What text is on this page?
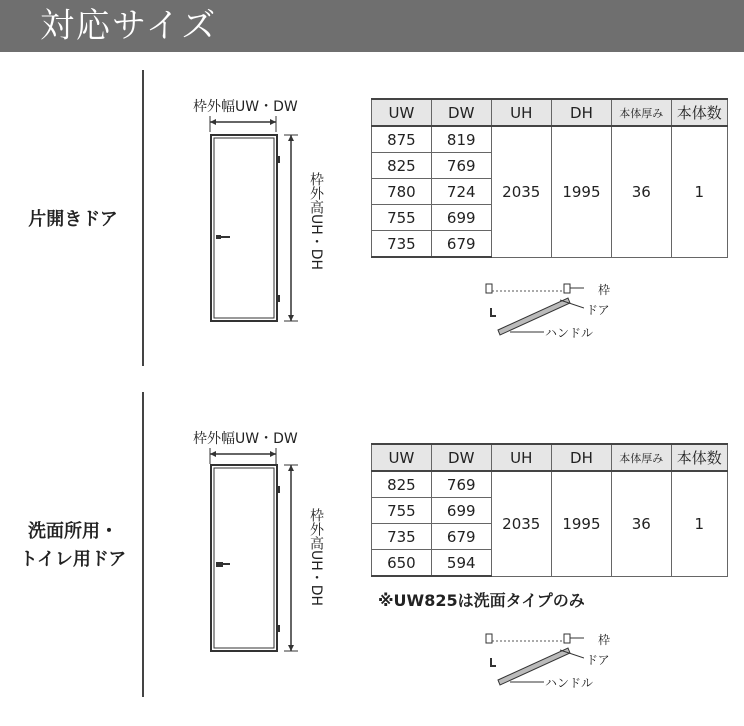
対応サイズ
片開きドア
枠外幅UW・DW
枠外高UH・DH
UW	DW	UH	DH	本体厚み	本体数
875	819	2035	1995	36	1
825	769				
780	724				
755	699				
735	679				
枠
ドア
ハンドル
洗面所用・
トイレ用ドア
枠外幅UW・DW
枠外高UH・DH
UW	DW	UH	DH	本体厚み	本体数
825	769	2035	1995	36	1
755	699				
735	679				
650	594				
※UW825は洗面タイプのみ
枠
ドア
ハンドル
